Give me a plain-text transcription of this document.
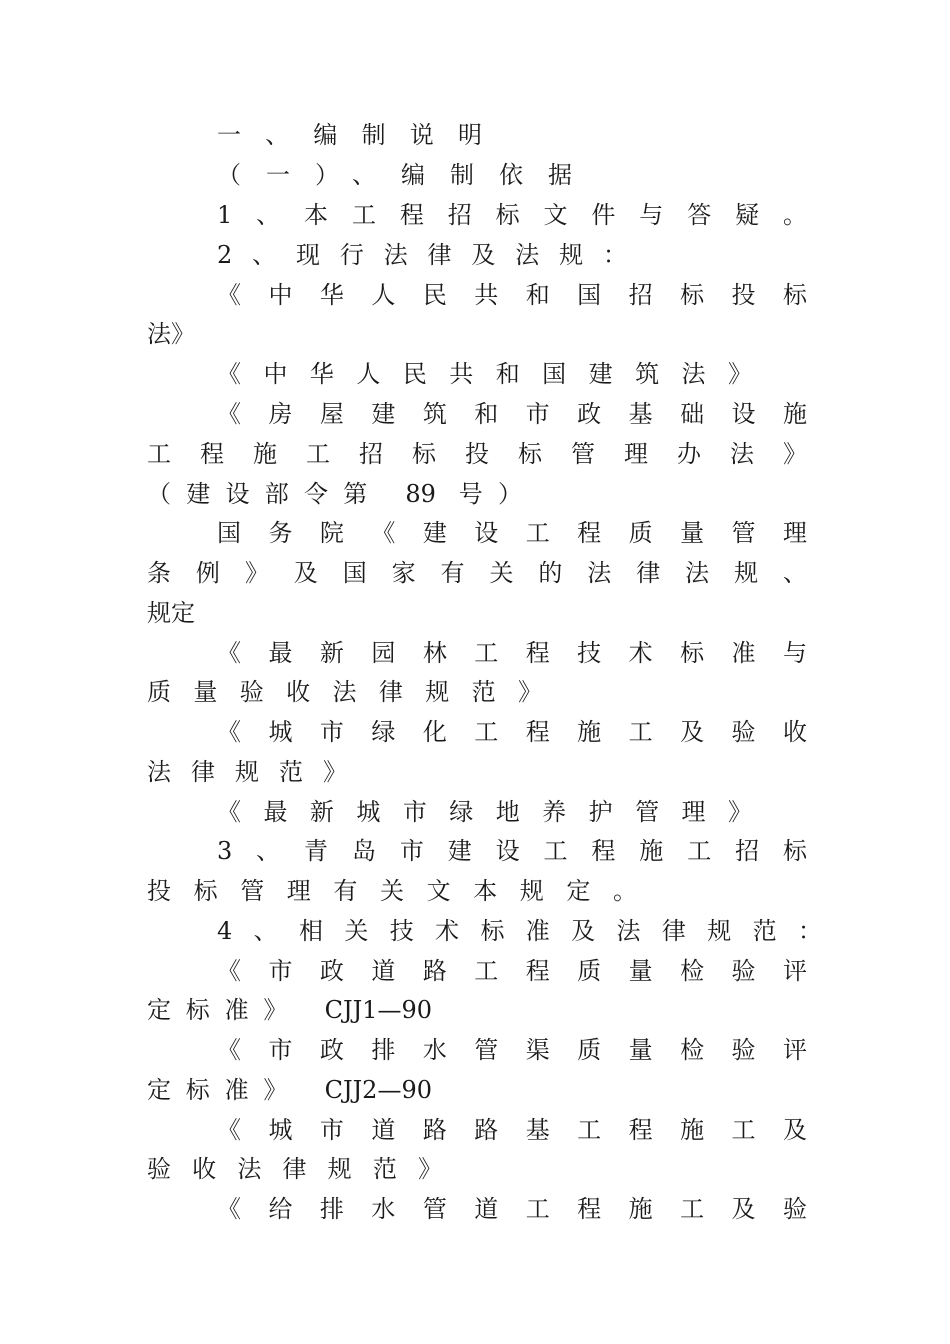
一、编制说明
（一）、编制依据
1、本工程招标文件与答疑。
2、现行法律及法规：
《中华人民共和国招标投标
法》
《中华人民共和国建筑法》
《房屋建筑和市政基础设施
工程施工招标投标管理办法》
（建设部令第 89 号）
国务院《建设工程质量管理
条例》及国家有关的法律法规、
规定
《最新园林工程技术标准与
质量验收法律规范》
《城市绿化工程施工及验收
法律规范》
《最新城市绿地养护管理》
3、青岛市建设工程施工招标
投标管理有关文本规定。
4、相关技术标准及法律规范：
《市政道路工程质量检验评
定标准》 CJJ1—90
《市政排水管渠质量检验评
定标准》 CJJ2—90
《城市道路路基工程施工及
验收法律规范》
《给排水管道工程施工及验
